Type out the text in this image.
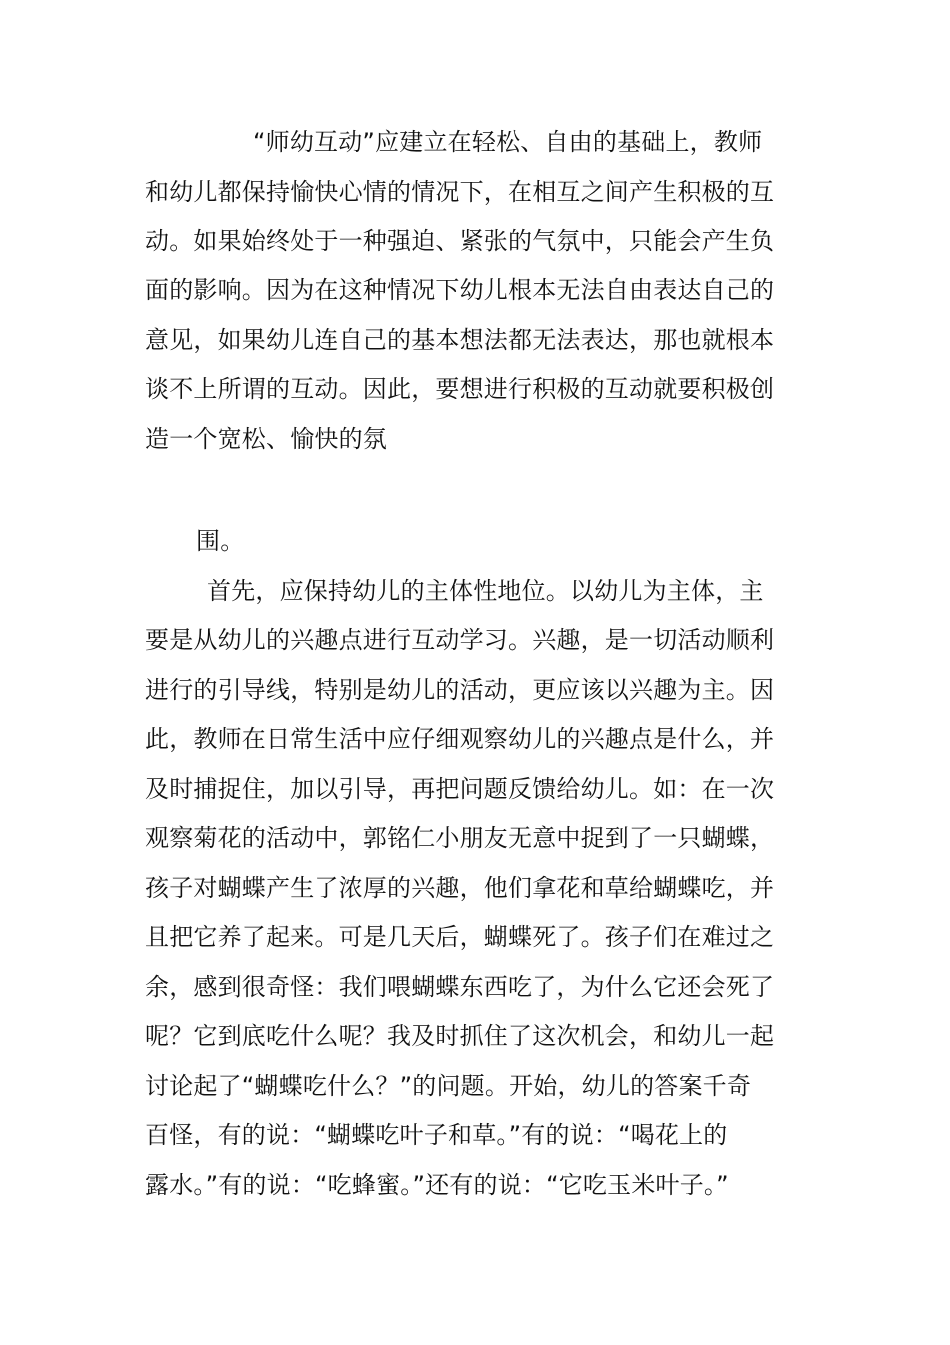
“师幼互动”应建立在轻松、自由的基础上，教师
和幼儿都保持愉快心情的情况下，在相互之间产生积极的互
动。如果始终处于一种强迫、紧张的气氛中，只能会产生负
面的影响。因为在这种情况下幼儿根本无法自由表达自己的
意见，如果幼儿连自己的基本想法都无法表达，那也就根本
谈不上所谓的互动。因此，要想进行积极的互动就要积极创
造一个宽松、愉快的氛
围。
首先，应保持幼儿的主体性地位。以幼儿为主体，主
要是从幼儿的兴趣点进行互动学习。兴趣，是一切活动顺利
进行的引导线，特别是幼儿的活动，更应该以兴趣为主。因
此，教师在日常生活中应仔细观察幼儿的兴趣点是什么，并
及时捕捉住，加以引导，再把问题反馈给幼儿。如：在一次
观察菊花的活动中，郭铭仁小朋友无意中捉到了一只蝴蝶，
孩子对蝴蝶产生了浓厚的兴趣，他们拿花和草给蝴蝶吃，并
且把它养了起来。可是几天后，蝴蝶死了。孩子们在难过之
余，感到很奇怪：我们喂蝴蝶东西吃了，为什么它还会死了
呢？它到底吃什么呢？我及时抓住了这次机会，和幼儿一起
讨论起了“蝴蝶吃什么？”的问题。开始，幼儿的答案千奇
百怪，有的说：“蝴蝶吃叶子和草。”有的说：“喝花上的
露水。”有的说：“吃蜂蜜。”还有的说：“它吃玉米叶子。”
